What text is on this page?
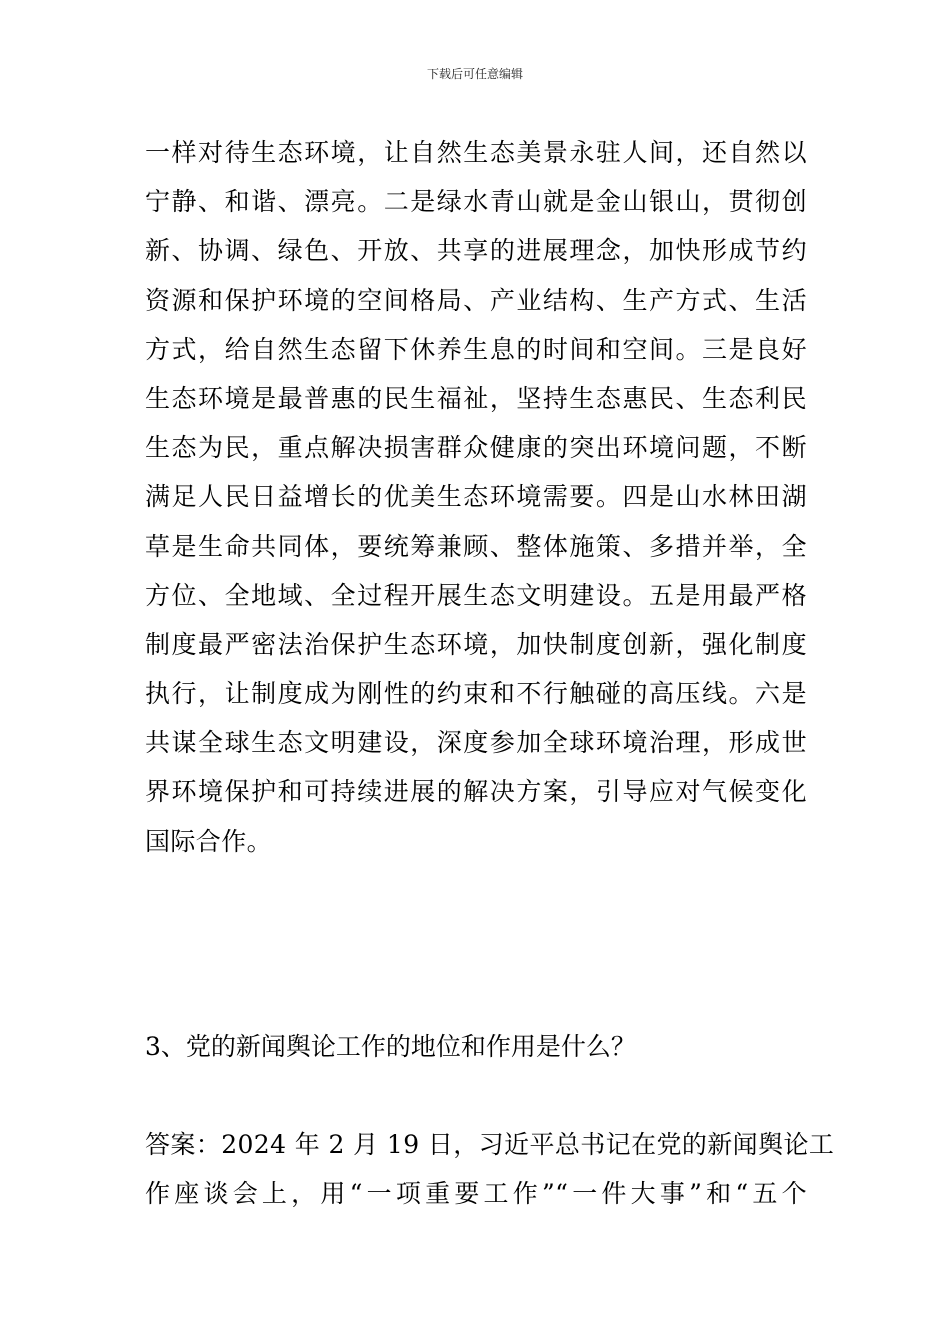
下载后可任意编辑
一样对待生态环境，让自然生态美景永驻人间，还自然以
宁静、和谐、漂亮。二是绿水青山就是金山银山，贯彻创
新、协调、绿色、开放、共享的进展理念，加快形成节约
资源和保护环境的空间格局、产业结构、生产方式、生活
方式，给自然生态留下休养生息的时间和空间。三是良好
生态环境是最普惠的民生福祉，坚持生态惠民、生态利民
生态为民，重点解决损害群众健康的突出环境问题，不断
满足人民日益增长的优美生态环境需要。四是山水林田湖
草是生命共同体，要统筹兼顾、整体施策、多措并举，全
方位、全地域、全过程开展生态文明建设。五是用最严格
制度最严密法治保护生态环境，加快制度创新，强化制度
执行，让制度成为刚性的约束和不行触碰的高压线。六是
共谋全球生态文明建设，深度参加全球环境治理，形成世
界环境保护和可持续进展的解决方案，引导应对气候变化
国际合作。
3、党的新闻舆论工作的地位和作用是什么？
答案：2024 年 2 月 19 日，习近平总书记在党的新闻舆论工
作座谈会上，用“一项重要工作”“一件大事”和“五个
